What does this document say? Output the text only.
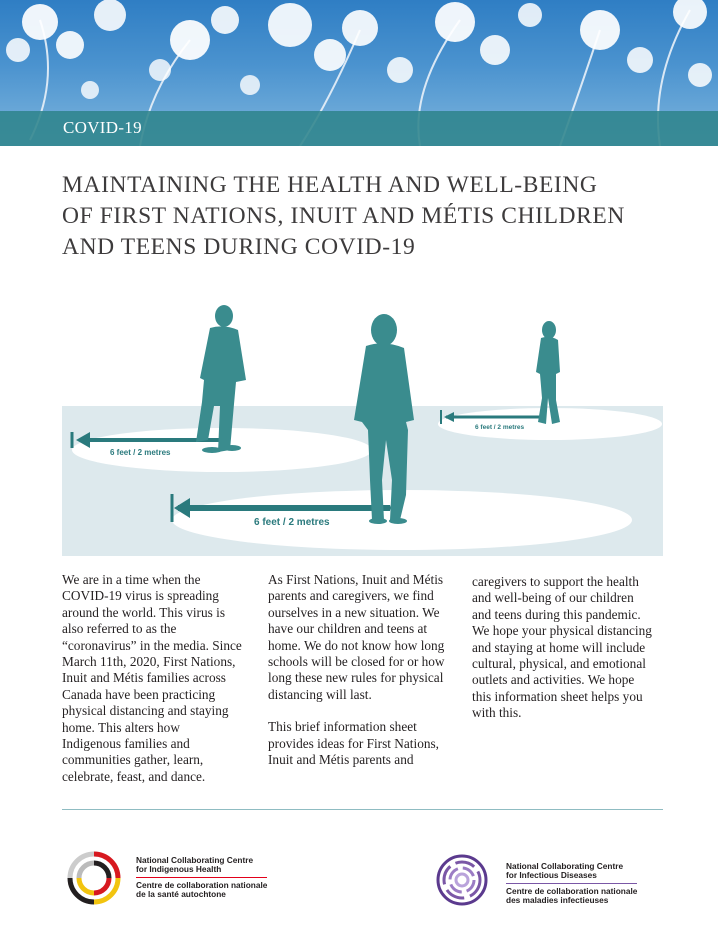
COVID-19
MAINTAINING THE HEALTH AND WELL-BEING
OF FIRST NATIONS, INUIT AND MÉTIS CHILDREN
AND TEENS DURING COVID-19
6 feet / 2 metres
6 feet / 2 metres
6 feet / 2 metres

We are in a time when the COVID-19 virus is spreading around the world. This virus is also referred to as the “coronavirus” in the media. Since March 11th, 2020, First Nations, Inuit and Métis families across Canada have been practicing physical distancing and staying home. This alters how Indigenous families and communities gather, learn, celebrate, feast, and dance.

As First Nations, Inuit and Métis parents and caregivers, we find ourselves in a new situation. We have our children and teens at home. We do not know how long schools will be closed for or how long these new rules for physical distancing will last.

This brief information sheet provides ideas for First Nations, Inuit and Métis parents and

caregivers to support the health and well-being of our children and teens during this pandemic. We hope your physical distancing and staying at home will include cultural, physical, and emotional outlets and activities. We hope this information sheet helps you with this.

National Collaborating Centre
for Indigenous Health
Centre de collaboration nationale
de la santé autochtone
National Collaborating Centre
for Infectious Diseases
Centre de collaboration nationale
des maladies infectieuses
